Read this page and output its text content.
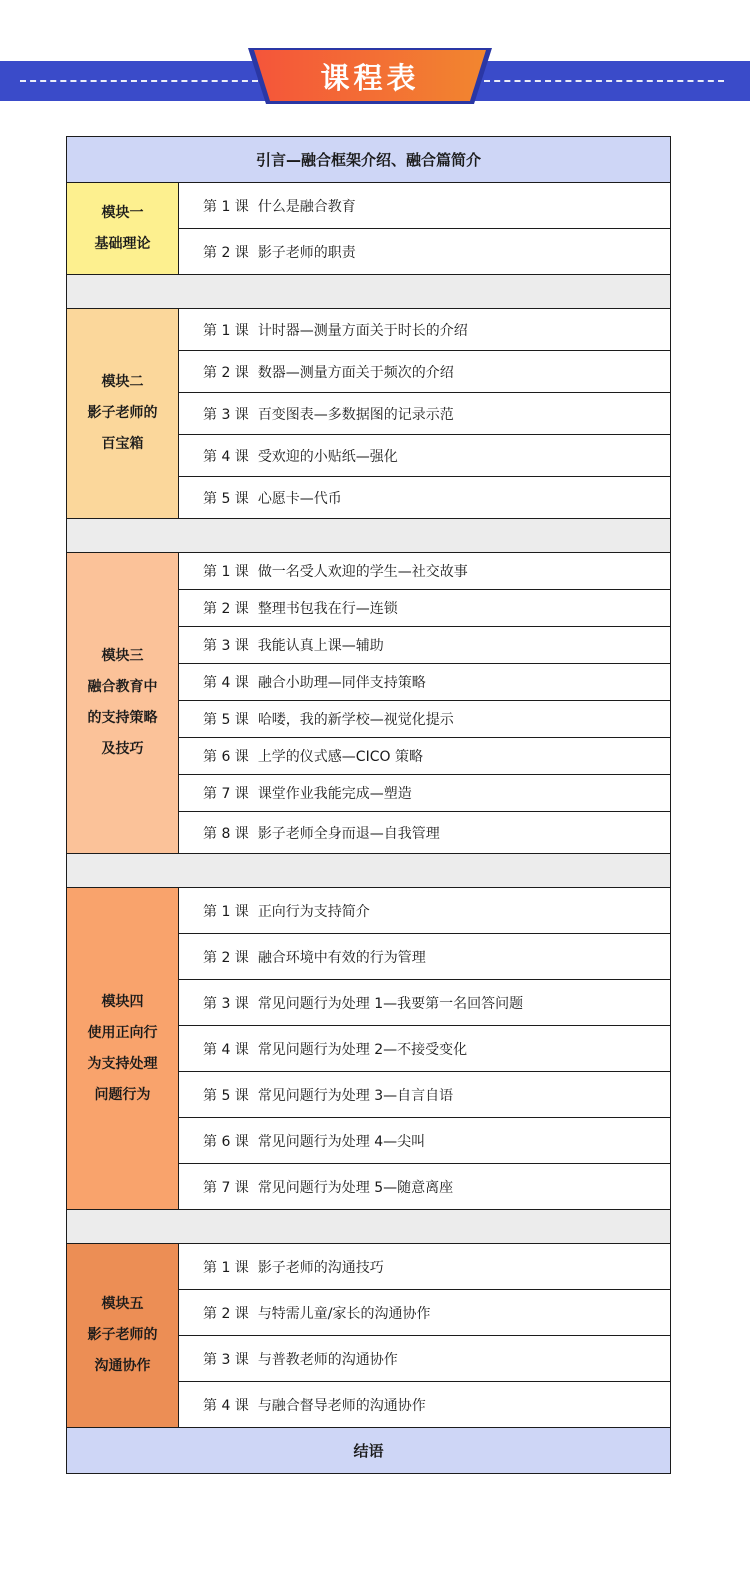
课程表
引言—融合框架介绍、融合篇简介	

模块一
基础理论	第 1 课 什么是融合教育
	第 2 课 影子老师的职责

模块二
影子老师的
百宝箱	第 1 课 计时器—测量方面关于时长的介绍
	第 2 课 数器—测量方面关于频次的介绍
	第 3 课 百变图表—多数据图的记录示范
	第 4 课 受欢迎的小贴纸—强化
	第 5 课 心愿卡—代币

模块三
融合教育中
的支持策略
及技巧	第 1 课 做一名受人欢迎的学生—社交故事
	第 2 课 整理书包我在行—连锁
	第 3 课 我能认真上课—辅助
	第 4 课 融合小助理—同伴支持策略
	第 5 课 哈喽，我的新学校—视觉化提示
	第 6 课 上学的仪式感—CICO 策略
	第 7 课 课堂作业我能完成—塑造
	第 8 课 影子老师全身而退—自我管理

模块四
使用正向行
为支持处理
问题行为	第 1 课 正向行为支持简介
	第 2 课 融合环境中有效的行为管理
	第 3 课 常见问题行为处理 1—我要第一名回答问题
	第 4 课 常见问题行为处理 2—不接受变化
	第 5 课 常见问题行为处理 3—自言自语
	第 6 课 常见问题行为处理 4—尖叫
	第 7 课 常见问题行为处理 5—随意离座

模块五
影子老师的
沟通协作	第 1 课 影子老师的沟通技巧
	第 2 课 与特需儿童/家长的沟通协作
	第 3 课 与普教老师的沟通协作
	第 4 课 与融合督导老师的沟通协作
结语	
